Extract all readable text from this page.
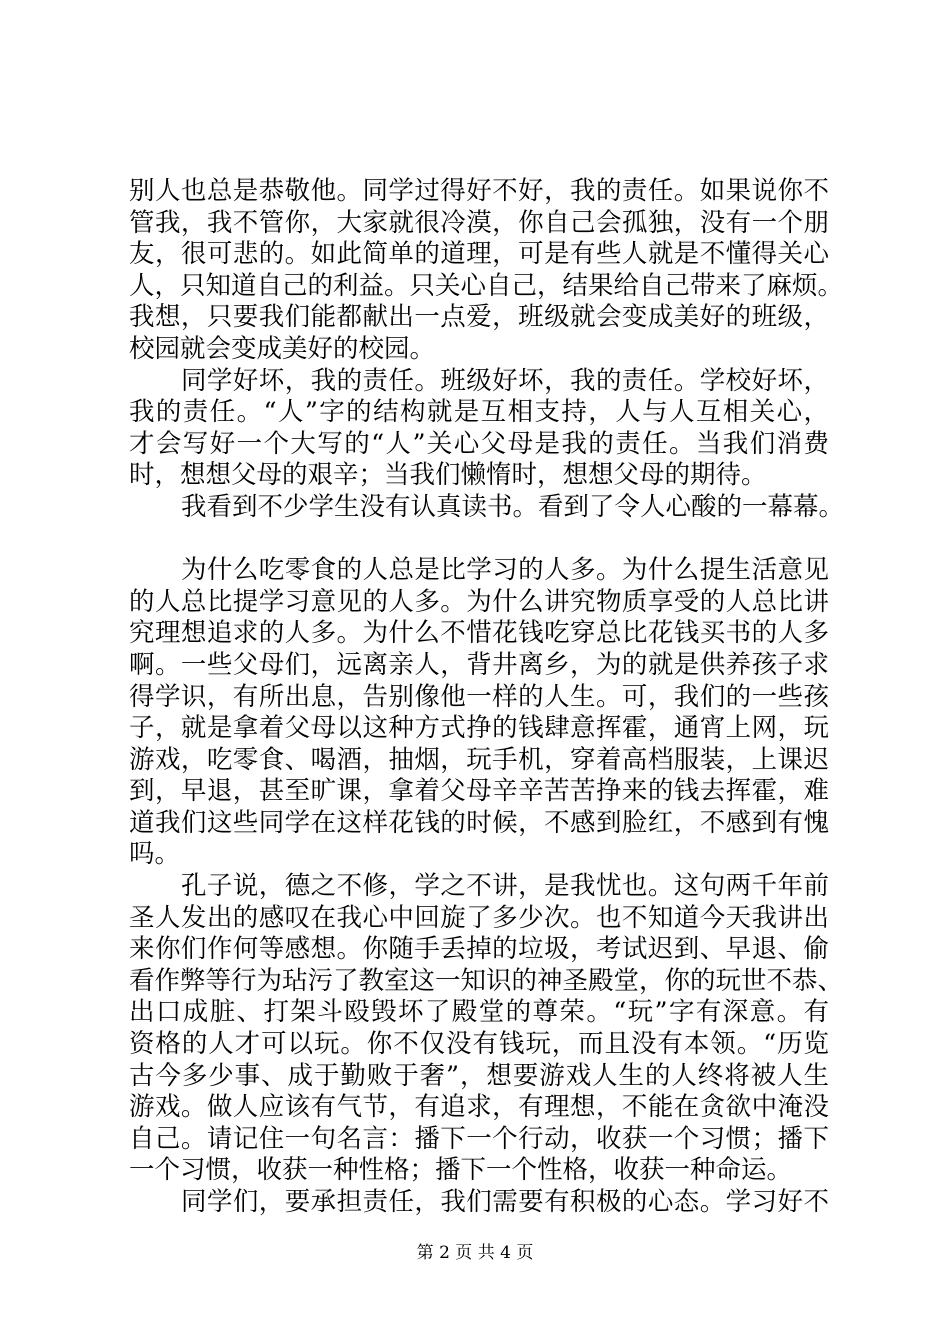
别人也总是恭敬他。同学过得好不好，我的责任。如果说你不
管我，我不管你，大家就很冷漠，你自己会孤独，没有一个朋
友，很可悲的。如此简单的道理，可是有些人就是不懂得关心
人，只知道自己的利益。只关心自己，结果给自己带来了麻烦。
我想，只要我们能都献出一点爱，班级就会变成美好的班级，
校园就会变成美好的校园。
同学好坏，我的责任。班级好坏，我的责任。学校好坏，
我的责任。“人”字的结构就是互相支持，人与人互相关心，
才会写好一个大写的“人”关心父母是我的责任。当我们消费
时，想想父母的艰辛；当我们懒惰时，想想父母的期待。
我看到不少学生没有认真读书。看到了令人心酸的一幕幕。
为什么吃零食的人总是比学习的人多。为什么提生活意见
的人总比提学习意见的人多。为什么讲究物质享受的人总比讲
究理想追求的人多。为什么不惜花钱吃穿总比花钱买书的人多
啊。一些父母们，远离亲人，背井离乡，为的就是供养孩子求
得学识，有所出息，告别像他一样的人生。可，我们的一些孩
子，就是拿着父母以这种方式挣的钱肆意挥霍，通宵上网，玩
游戏，吃零食、喝酒，抽烟，玩手机，穿着高档服装，上课迟
到，早退，甚至旷课，拿着父母辛辛苦苦挣来的钱去挥霍，难
道我们这些同学在这样花钱的时候，不感到脸红，不感到有愧
吗。
孔子说，德之不修，学之不讲，是我忧也。这句两千年前
圣人发出的感叹在我心中回旋了多少次。也不知道今天我讲出
来你们作何等感想。你随手丢掉的垃圾，考试迟到、早退、偷
看作弊等行为玷污了教室这一知识的神圣殿堂，你的玩世不恭、
出口成脏、打架斗殴毁坏了殿堂的尊荣。“玩”字有深意。有
资格的人才可以玩。你不仅没有钱玩，而且没有本领。“历览
古今多少事、成于勤败于奢”，想要游戏人生的人终将被人生
游戏。做人应该有气节，有追求，有理想，不能在贪欲中淹没
自己。请记住一句名言：播下一个行动，收获一个习惯；播下
一个习惯，收获一种性格；播下一个性格，收获一种命运。
同学们，要承担责任，我们需要有积极的心态。学习好不
第 2 页 共 4 页
